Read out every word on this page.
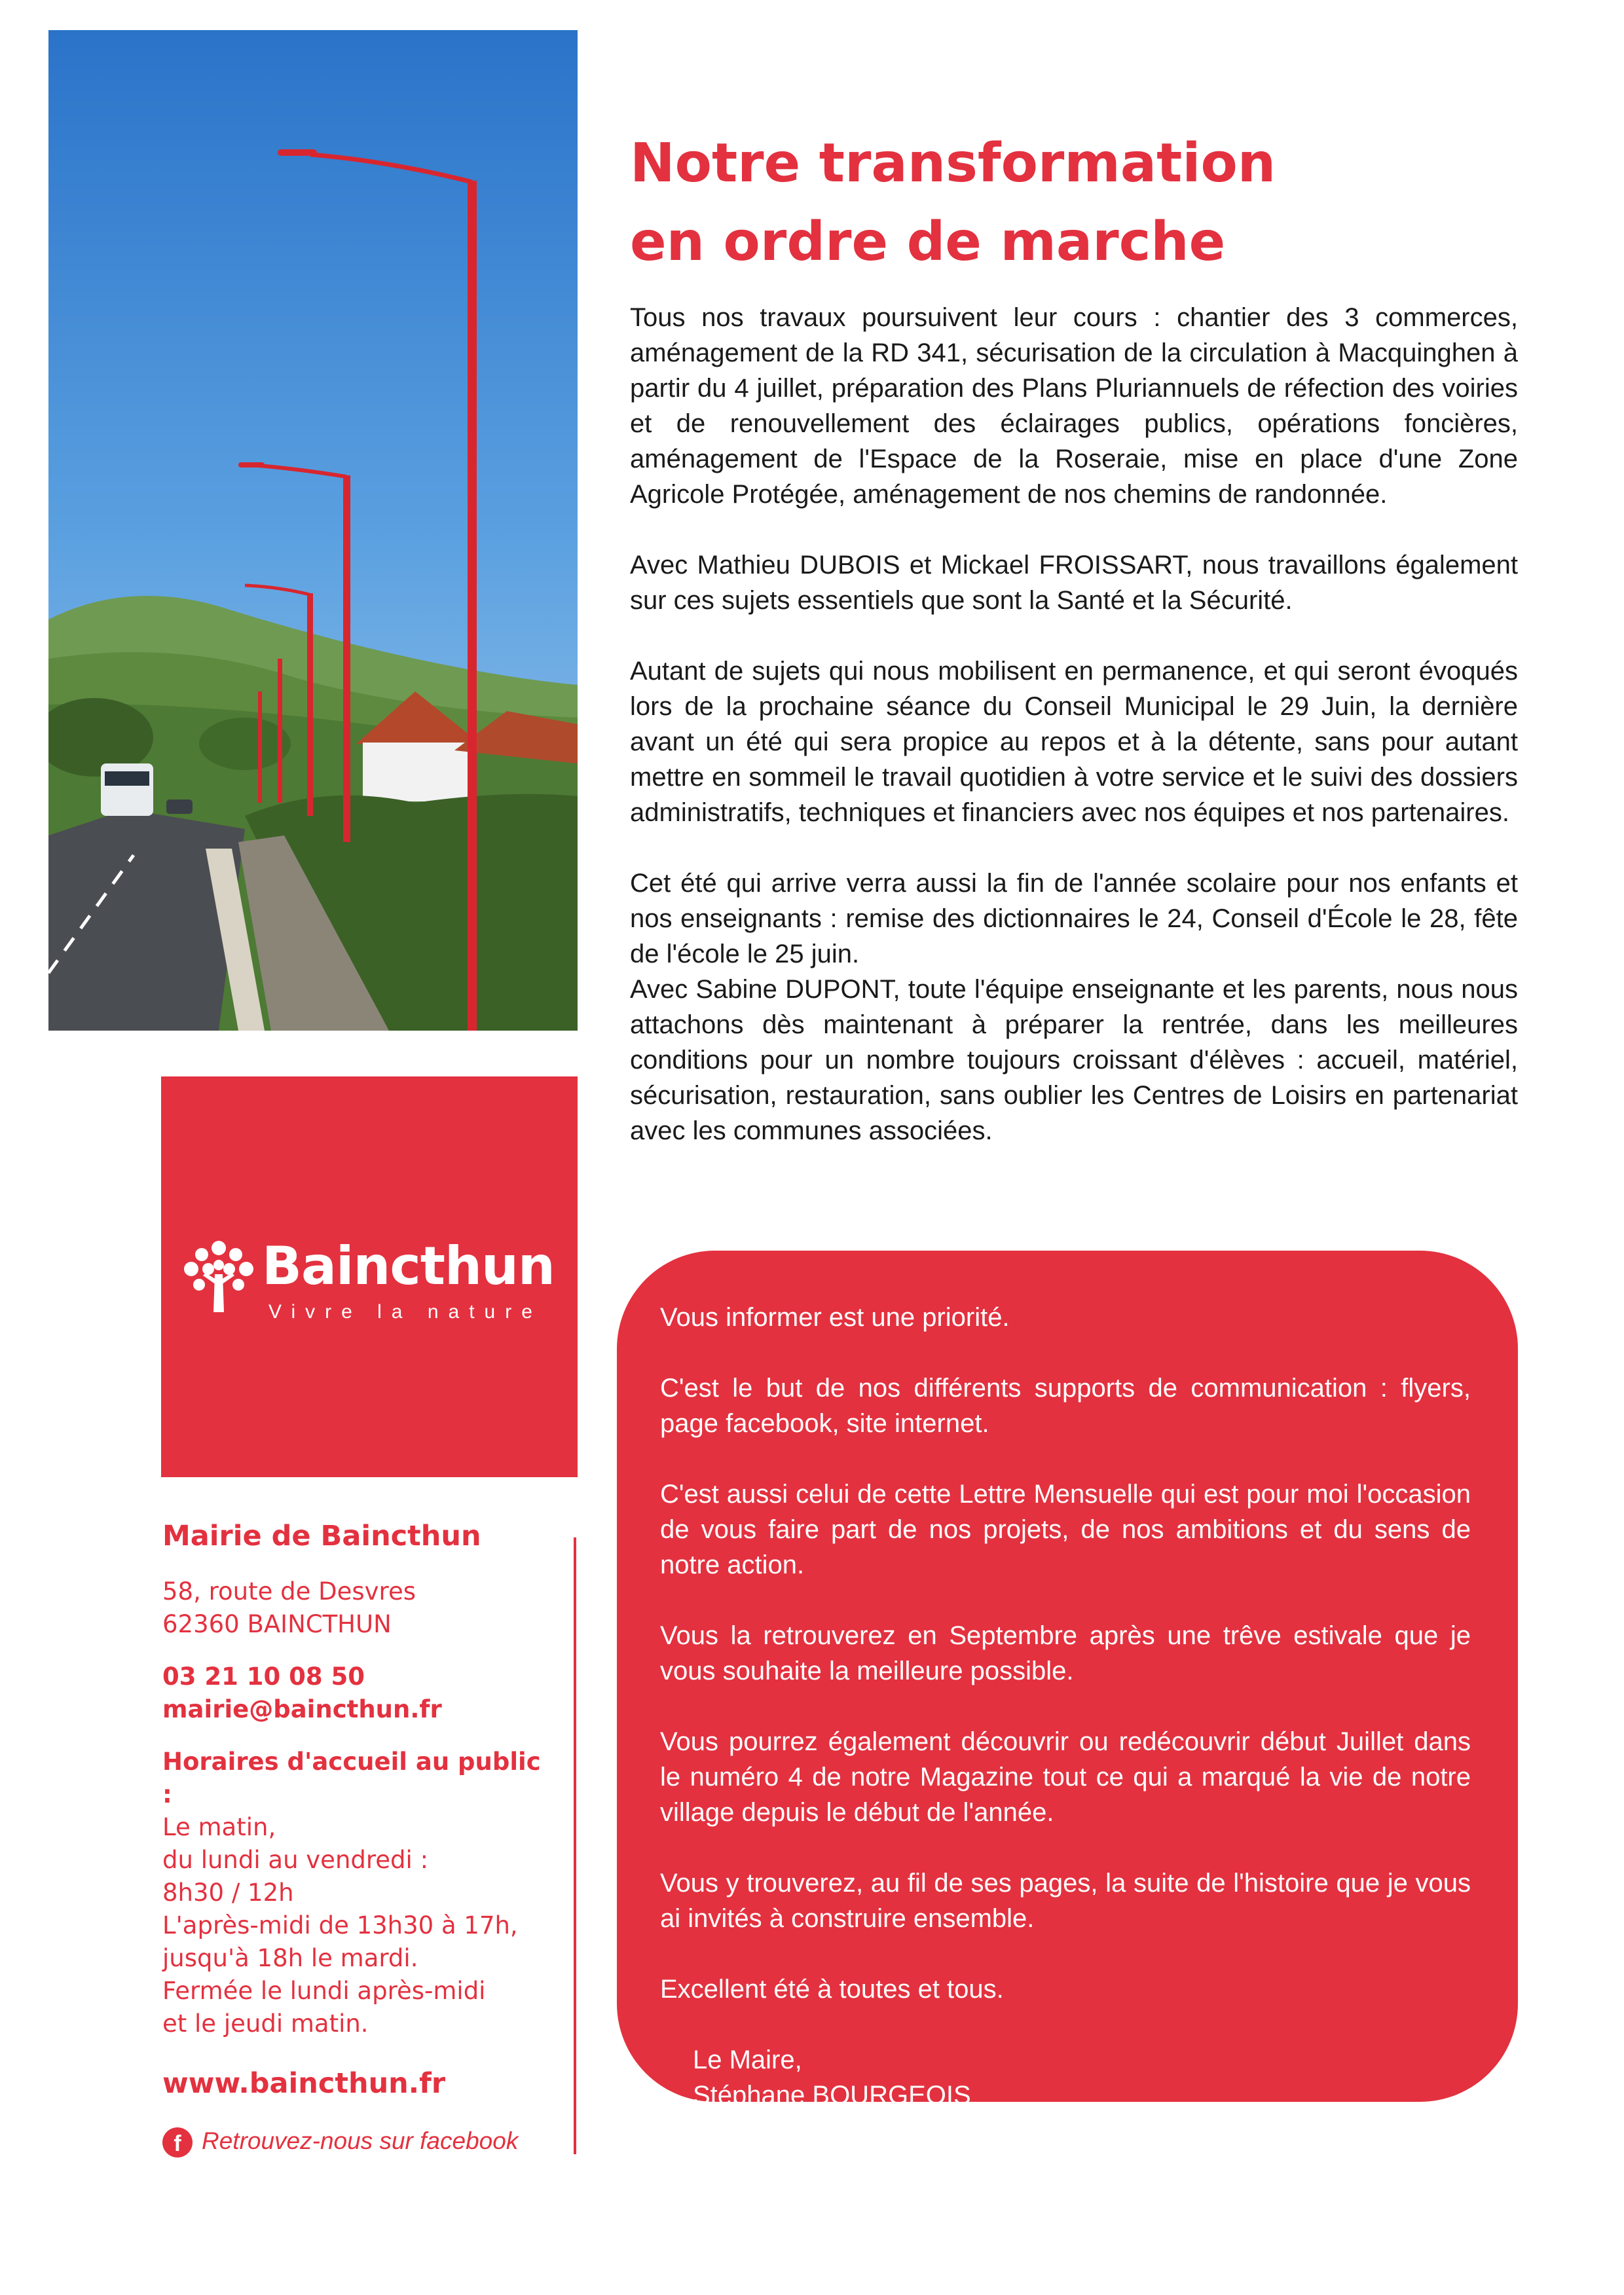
Notre transformation
en ordre de marche

Tous nos travaux poursuivent leur cours : chantier des 3 commerces, aménagement de la RD 341, sécurisation de la circulation à Macquinghen à partir du 4 juillet, préparation des Plans Pluriannuels de réfection des voiries et de renouvellement des éclairages publics, opérations foncières, aménagement de l'Espace de la Roseraie, mise en place d'une Zone Agricole Protégée, aménagement de nos chemins de randonnée.

Avec Mathieu DUBOIS et Mickael FROISSART, nous travaillons également sur ces sujets essentiels que sont la Santé et la Sécurité.

Autant de sujets qui nous mobilisent en permanence, et qui seront évoqués lors de la prochaine séance du Conseil Municipal le 29 Juin, la dernière avant un été qui sera propice au repos et à la détente, sans pour autant mettre en sommeil le travail quotidien à votre service et le suivi des dossiers administratifs, techniques et financiers avec nos équipes et nos partenaires.

Cet été qui arrive verra aussi la fin de l'année scolaire pour nos enfants et nos enseignants : remise des dictionnaires le 24, Conseil d'École le 28, fête de l'école le 25 juin.

Avec Sabine DUPONT, toute l'équipe enseignante et les parents, nous nous attachons dès maintenant à préparer la rentrée, dans les meilleures conditions pour un nombre toujours croissant d'élèves : accueil, matériel, sécurisation, restauration, sans oublier les Centres de Loisirs en partenariat avec les communes associées.

Baincthun
Vivre la nature
Mairie de Baincthun
58, route de Desvres
62360 BAINCTHUN
03 21 10 08 50
mairie@baincthun.fr
Horaires d'accueil au public :
Le matin,
du lundi au vendredi :
8h30 / 12h
L'après-midi de 13h30 à 17h,
jusqu'à 18h le mardi.
Fermée le lundi après-midi
et le jeudi matin.
www.baincthun.fr
f Retrouvez-nous sur facebook

Vous informer est une priorité.

C'est le but de nos différents supports de communication : flyers, page facebook, site internet.

C'est aussi celui de cette Lettre Mensuelle qui est pour moi l'occasion de vous faire part de nos projets, de nos ambitions et du sens de notre action.

Vous la retrouverez en Septembre après une trêve estivale que je vous souhaite la meilleure possible.

Vous pourrez également découvrir ou redécouvrir début Juillet dans le numéro 4 de notre Magazine tout ce qui a marqué la vie de notre village depuis le début de l'année.

Vous y trouverez, au fil de ses pages, la suite de l'histoire que je vous ai invités à construire ensemble.

Excellent été à toutes et tous.

Le Maire,

Stéphane BOURGEOIS
